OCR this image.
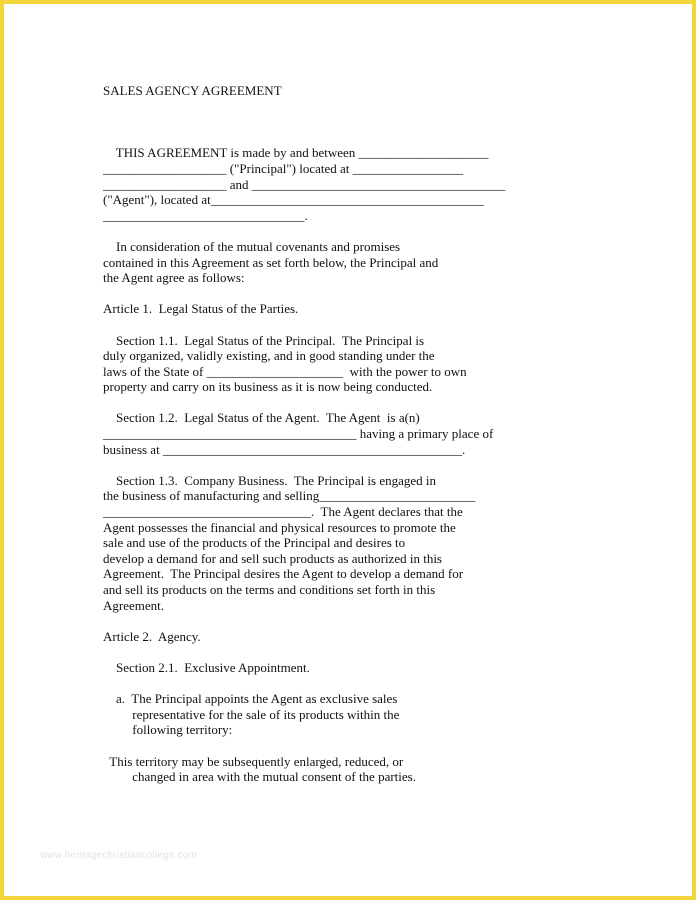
SALES AGENCY AGREEMENT
THIS AGREEMENT is made by and between ____________________
___________________ ("Principal") located at _________________
___________________ and _______________________________________
("Agent"), located at__________________________________________
_______________________________.
In consideration of the mutual covenants and promises
contained in this Agreement as set forth below, the Principal and
the Agent agree as follows:
Article 1.  Legal Status of the Parties.
Section 1.1.  Legal Status of the Principal.  The Principal is
duly organized, validly existing, and in good standing under the
laws of the State of _____________________  with the power to own
property and carry on its business as it is now being conducted.
Section 1.2.  Legal Status of the Agent.  The Agent  is a(n)
_______________________________________ having a primary place of
business at ______________________________________________.
Section 1.3.  Company Business.  The Principal is engaged in
the business of manufacturing and selling________________________
________________________________.  The Agent declares that the
Agent possesses the financial and physical resources to promote the
sale and use of the products of the Principal and desires to
develop a demand for and sell such products as authorized in this
Agreement.  The Principal desires the Agent to develop a demand for
and sell its products on the terms and conditions set forth in this
Agreement.
Article 2.  Agency.
Section 2.1.  Exclusive Appointment.
a.  The Principal appoints the Agent as exclusive sales
representative for the sale of its products within the
following territory:
This territory may be subsequently enlarged, reduced, or
changed in area with the mutual consent of the parties.
www.heritagechristiancollege.com
